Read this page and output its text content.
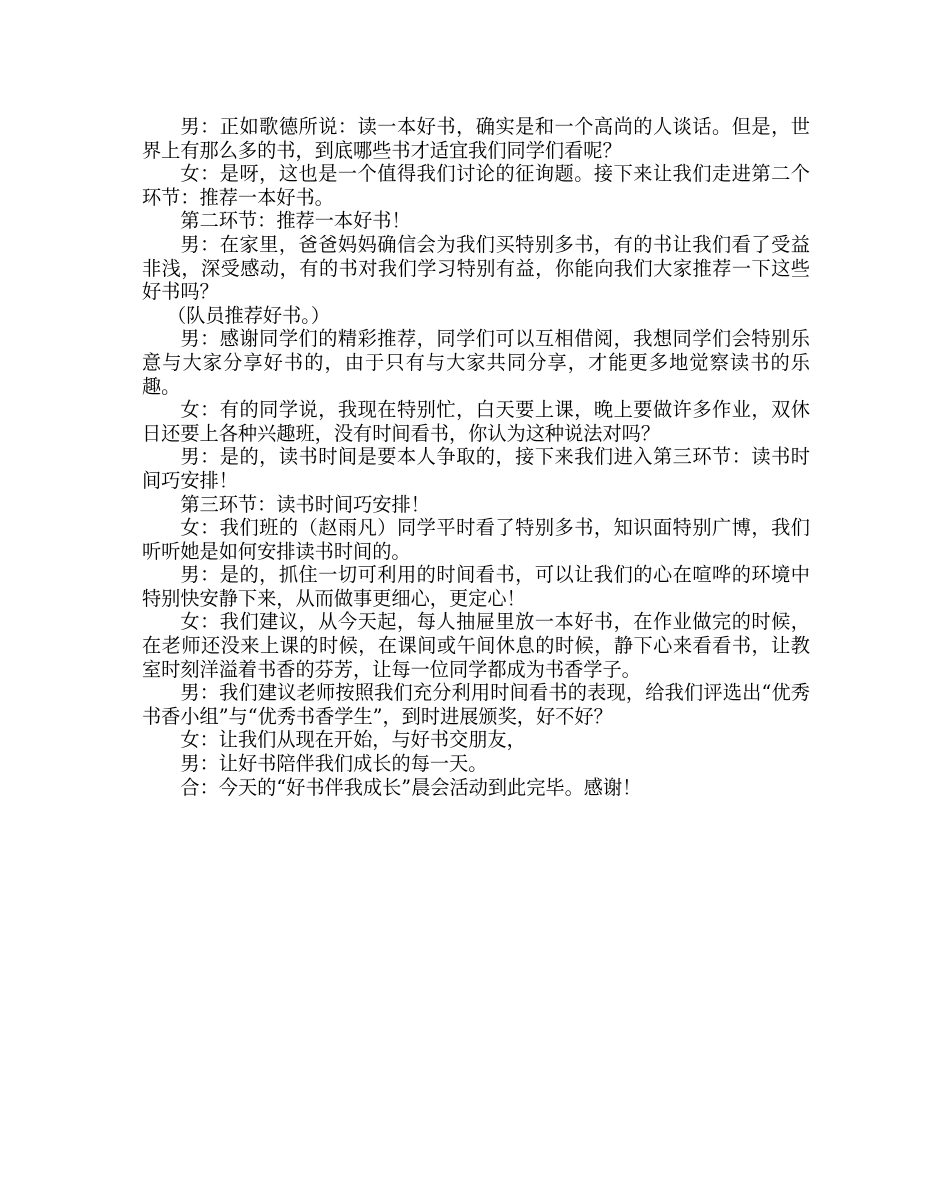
男：正如歌德所说：读一本好书，确实是和一个高尚的人谈话。但是，世界上有那么多的书，到底哪些书才适宜我们同学们看呢？

女：是呀，这也是一个值得我们讨论的征询题。接下来让我们走进第二个环节：推荐一本好书。

第二环节：推荐一本好书！

男：在家里，爸爸妈妈确信会为我们买特别多书，有的书让我们看了受益非浅，深受感动，有的书对我们学习特别有益，你能向我们大家推荐一下这些好书吗？

（队员推荐好书。）

男：感谢同学们的精彩推荐，同学们可以互相借阅，我想同学们会特别乐意与大家分享好书的，由于只有与大家共同分享，才能更多地觉察读书的乐趣。

女：有的同学说，我现在特别忙，白天要上课，晚上要做许多作业，双休日还要上各种兴趣班，没有时间看书，你认为这种说法对吗？

男：是的，读书时间是要本人争取的，接下来我们进入第三环节：读书时间巧安排！

第三环节：读书时间巧安排！

女：我们班的（赵雨凡）同学平时看了特别多书，知识面特别广博，我们听听她是如何安排读书时间的。

男：是的，抓住一切可利用的时间看书，可以让我们的心在喧哗的环境中特别快安静下来，从而做事更细心，更定心！

女：我们建议，从今天起，每人抽屉里放一本好书，在作业做完的时候，在老师还没来上课的时候，在课间或午间休息的时候，静下心来看看书，让教室时刻洋溢着书香的芬芳，让每一位同学都成为书香学子。

男：我们建议老师按照我们充分利用时间看书的表现，给我们评选出“优秀书香小组”与“优秀书香学生”，到时进展颁奖，好不好？

女：让我们从现在开始，与好书交朋友，

男：让好书陪伴我们成长的每一天。

合：今天的“好书伴我成长”晨会活动到此完毕。感谢！
